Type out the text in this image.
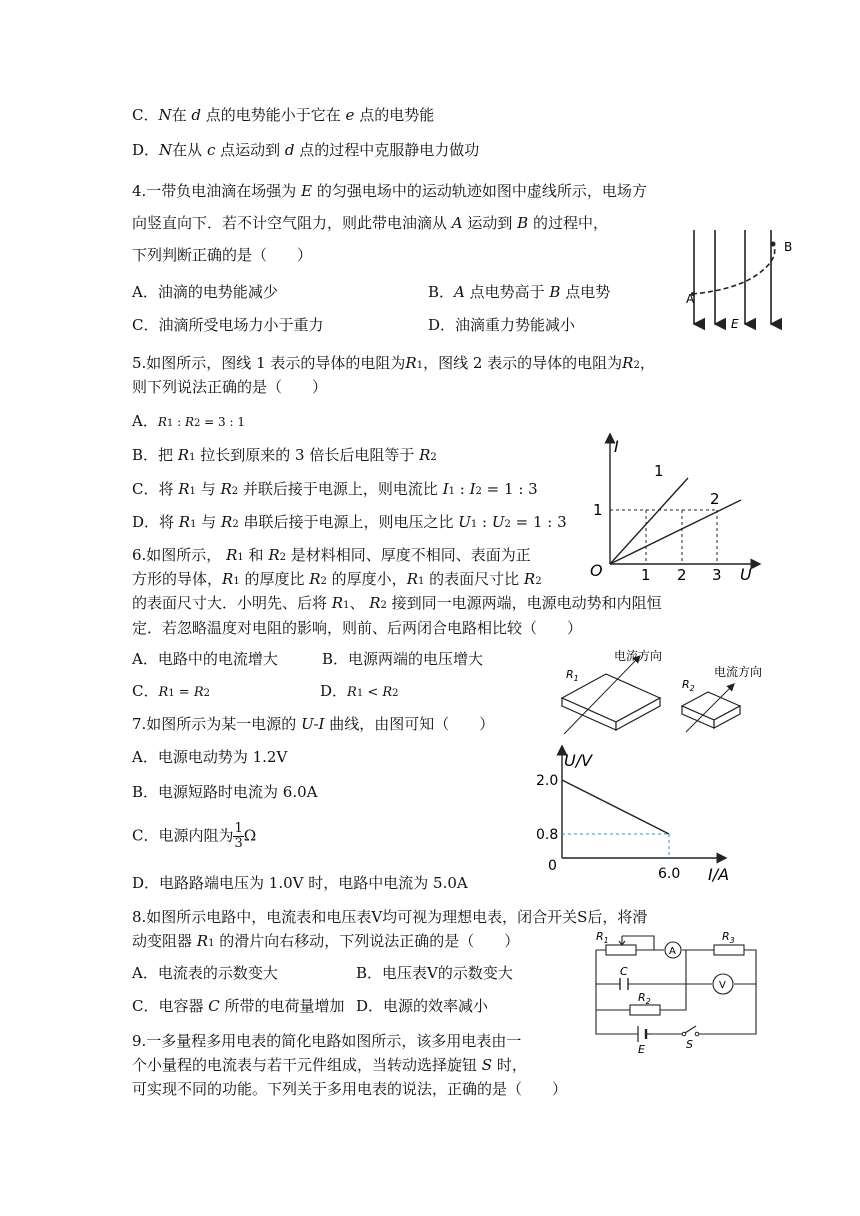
C．N在 d 点的电势能小于它在 e 点的电势能
D．N在从 c 点运动到 d 点的过程中克服静电力做功
4.一带负电油滴在场强为 E 的匀强电场中的运动轨迹如图中虚线所示，电场方
向竖直向下．若不计空气阻力，则此带电油滴从 A 运动到 B 的过程中，
下列判断正确的是（　　）
A．油滴的电势能减少	B．A 点电势高于 B 点电势
C．油滴所受电场力小于重力	D．油滴重力势能减小
A
B
E
5.如图所示，图线 1 表示的导体的电阻为R1，图线 2 表示的导体的电阻为R2，
则下列说法正确的是（　　）
A．R1 : R2 = 3 : 1
B．把 R1 拉长到原来的 3 倍长后电阻等于 R2
C．将 R1 与 R2 并联后接于电源上，则电流比 I1 : I2 = 1 : 3
D．将 R1 与 R2 串联后接于电源上，则电压之比 U1 : U2 = 1 : 3
I
U
O
1
2
1
1 2 3
6.如图所示， R1 和 R2 是材料相同、厚度不相同、表面为正
方形的导体，R1 的厚度比 R2 的厚度小，R1 的表面尺寸比 R2
的表面尺寸大．小明先、后将 R1、 R2 接到同一电源两端，电源电动势和内阻恒
定．若忽略温度对电阻的影响，则前、后两闭合电路相比较（　　）
A．电路中的电流增大	B．电源两端的电压增大
C．R1 = R2	D．R1 < R2
$R_1$
电流方向
$R_2$
电流方向
7.如图所示为某一电源的 U-I 曲线，由图可知（　　）
A．电源电动势为 1.2V
B．电源短路时电流为 6.0A
C．电源内阻为 $\frac{1}{3}$ Ω
D．电路路端电压为 1.0V 时，电路中电流为 5.0A
U/V
I/A
2.0
0.8
0	6.0
8.如图所示电路中，电流表和电压表V均可视为理想电表，闭合开关S后，将滑
动变阻器 R1 的滑片向右移动，下列说法正确的是（　　）
A．电流表的示数变大	B．电压表V的示数变大
C．电容器 C 所带的电荷量增加 D．电源的效率减小
A
V
$R_1$	$R_3$
$R_2$
C
E	S
9.一多量程多用电表的简化电路如图所示，该多用电表由一
个小量程的电流表与若干元件组成，当转动选择旋钮 S 时，
可实现不同的功能。下列关于多用电表的说法，正确的是（　　）
